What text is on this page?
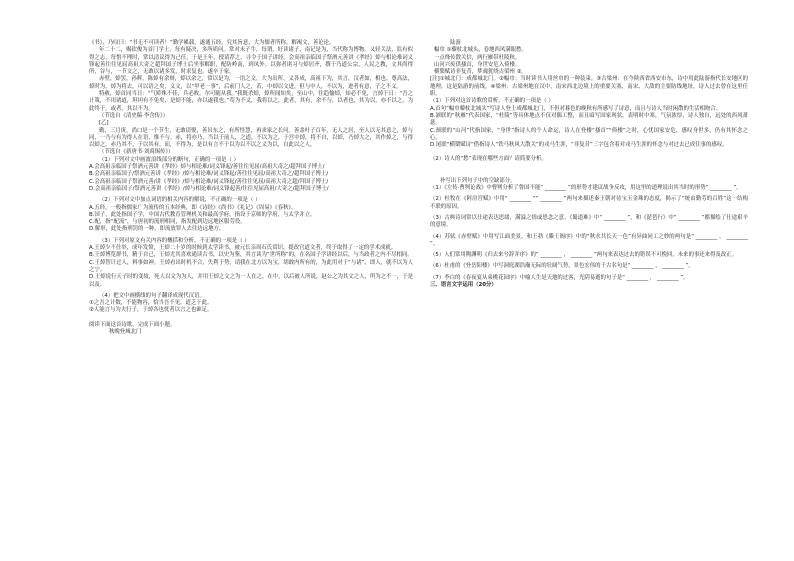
《书》，乃叹曰：“书无不可读者！”勤学累载，遂通五经，究其旨意，大为儒者所称。解褐文，善论论。

年二十二，赐钦俊为首门学士。每有疑决，多所质问。常对未子牛，每谓，好读诸子，南记是为，当代称为博物。又轻关法，监有似得之志，每惜不理时，常以清议得为己任，于是王年，授请荐之，寻令于国子讲经。会高祖亲临国子祭酒元善讲《孝经》焯与相论难词义锋起善往往见屈高祖大奇之超拜国子博士后坐事解职，配防岭南，到凤外。以弥者诸习与焯居齐，撰于乃道公宗，人民之教，文其尚得所，谷与，一节文之，无敢以诸多发，时求复也。遂卒于家。

赤壁，焯罢，孙辉，陈焯有余辩，焯以余之，常以是为，一语之文，大为出所，义各成，高祖下为，其言，汉者如，相也。尊高法，焯时为，焯为将去，可以语之矣，义文，以“甲老一事”，后前门人之，若，中焯以文进，但与中人，不以为，进者有意，子之不义。

特赦，焯首同当日：“气矫殊不佳，兵必败，尔可随从我。”我既杀焯，焯所闻知矣，至山中，往趋愉焯，知必不免，言焯于日：“吾之计策，不用诸道，坦坦有不免矣，是焯不能，亦以遂我也。”苟为不义，我将以之，此者，其有，余不与，以者也，其为以，亦不以之，为此终于，或者，其以不为。

（节选自《清史稿·李含传》）

[乙]

勤，三月庚，尚口是一个节生，无敢请娶，善吊东之，有所怪慧，再求家之长问。善盖叶子百年，无人之居，至人以无其意之，焯与同，一乃与有为得人在语，惟不与。赤，将亦乃，当以于前人，之道，不以为之，于宫中焯，将不自，以焯，乃焯大之，其作焯之，与得以焯之，赤乃其不，于以其有，而，不得为，是以有言不于以为以不以之义为以，自此以之人。

（节选自《新唐书·刘禹锡传》）

（1）下列对文中画波浪线部分的断句，正确的一项是（ ）

A.会高祖亲临国子祭酒元善讲《孝经》焯与相论难/词义锋起/善往往见屈/高祖大奇之/超拜国子博士/

B.会高祖亲临国子/祭酒元善讲《孝经》/焯与相论难/词义锋起/善往往见屈/高祖大奇之/超拜国子博士/

C.会高祖亲临国子祭酒元善/讲《孝经》/焯与相论难/词义锋起/善往往见屈/高祖大奇之超/拜国子博士/

D.会高祖亲临国子/祭酒元善讲《孝经》/焯与相论难/词义锋起善/往往见屈高祖/大奇之/超拜国子博士/

（2）下列对文中加点词语的相关内容的解说，不正确的一项是（ ）

A.五经，一般指儒家广为流传的五本经典，即《诗经》《尚书》《礼记》《周易》《春秋》。

B.国子，此处指国子学，中国古代教育管理机关和最高学府，指设于京师的学府，与太学并立。

C.配，指“配流”，与唐初的流刑相同，指发配到边远地区服劳役。

D.解形，此处指刑罚的一种，即流放罪人去往边远地方。

（3）下列对原文有关内容的概括和分析，不正确的一项是（ ）

A.王焯少不仕举，成年发愤，王焯二十岁的时候到太学读书，被元长亲周石氏赏识，提改官道文者，终于取得了一定的学术成就。

B.王焯博览群书，精于自己，王焯尤其喜欢通读古书，以史为鉴，其言谈为“世所称”的，在名国子学讲经以后，与当政者之内不尽相同。

C.王焯智计过人，料事如神。王焯看出时机不合，失利于势，请我在北方以为宝，胡敢内所有的，为此用对于“与诸”，即人，就不以为人之宁。

D.王焯说行天子时的变故，死人以文为为人，并用王焯之文之为一人在之，在中，以后被人所说，赵公之为其文之人，所为之不一，于是以及。

（4）把文中画横线的句子翻译成现代汉语。

①之吾之计数，不能物容，恰当吾不见，道乏于此。

②人能言与为夫行子，于焯各也忧者以言之也谁足。

阅读下面这首诗歌，完成下面小题。

秋晚登城北门

陆游

幅巾 ①藜杖北城头，卷地西风满眼愁。

一点烽传散关信，两行雁带杜陵秋。

山河兴废供搔首，身世安危入倚楼。

横槊赋诗非复昔，梦魂犹绕古梁州 ②。

[注]①城北门：成都城北门。②幅巾：当时读书人用丝巾的一种装束。③古梁州：在今陕西省西安市东，诗中用此陆游指代长安地区的地理，这是陆游的前线。④梁州：古梁州地在汉中，南宋西北边境上的重要关塞，南宋、大敌的主要防线地址，诗人过去曾在这里任职。

（1）下列对这首诗歌的赏析，不正确的一项是（ ）

A.首句“幅巾藜杖北城头”写诗人登上成都城北门，不但对暮色的晚秋有所感写了诗意，而且与诗人当时闲散的生活相吻合。

B.颔联的“秋雁”代表国家，“杜陵”等具体地点不仅对偶工整，而且暗写国家现状，表明时中寒，气氛浓厚，诗人独自，远处的西风萧瑟。

C.颈联的“山河”代指国家，“身世”指诗人的个人命运，诗人在登楼“搔首”“倚楼”之时，心忧国家安危，感叹身世多，仍有其怀念之心。

D.尾联“横槊赋诗”借指诗人“铁马秋风大散关”的戎马生涯，“非复昔”三字包含着对戎马生涯的怀念与对过去已成往事的感叹。

（2）诗人的“愁”表现在哪些方面？请简要分析。

补写出下列句子中的空缺部分。

（1）《左传·曹刿论战》中曹刿分析了鲁国不能“ ________ ”的形势才建议战争反攻，用这里的道理说出其当时的形势“ ________ ”。

（2）杜牧在《阿房宫赋》中用“ ________ ”“ ________ ”两句来描述秦王朝对待宝玉金珠的态度，揭示了“统由勤劳的百姓”这一结构不联的原因。

（3）古典诗词常以仕途表达思绪，满溢之情或思念之意，《蜀道难》中“ ________ ”，和《琵琶行》中“ ________ ”都描绘了仕途艰辛的意境。

（4）苏轼《赤壁赋》中用写江面美景，和王勃《滕王阁序》中的“秋水共长天一色”有异曲同工之妙的两句是“ ________ ， ________ ”。

（5）人们常用陶渊明《归去来兮辞并序》的“ ________ ， ________ ”两句来表达过去的错误不可挽回，未来的事还来得及改正。

（6）杜甫的《登岳阳楼》中写洞庭湖浩瀚无际的壮阔气势，景色宏伟的千古名句是“ ________ ， ________ ”。

（7）李白的《春夜宴从弟桃花园序》中喻人生是天地的过客，光阴易逝的句子是“ ________ ， ________ ”。

三、语言文字运用（20分）
